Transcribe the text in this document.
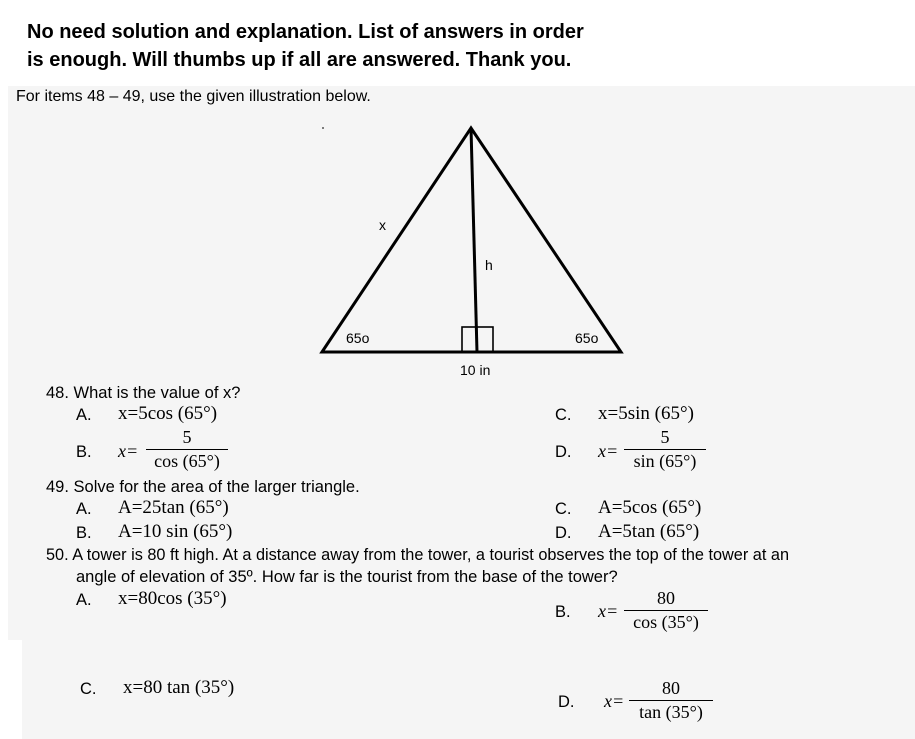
No need solution and explanation. List of answers in order
is enough. Will thumbs up if all are answered. Thank you.
For items 48 – 49, use the given illustration below.
x
h
65o	65o
10 in
48. What is the value of x?
A. x=5cos (65°)
B. $x= \frac{5}{\cos (65^\circ)}$
C. x=5sin (65°)
D. $x= \frac{5}{\sin (65^\circ)}$
49. Solve for the area of the larger triangle.
A. A=25tan (65°)
B. A=10 sin (65°)
C. A=5cos (65°)
D. A=5tan (65°)
50. A tower is 80 ft high. At a distance away from the tower, a tourist observes the top of the tower at an
angle of elevation of 35º. How far is the tourist from the base of the tower?
A. x=80cos (35°)
B. $x= \frac{80}{\cos (35^\circ)}$
C. x=80 tan (35°)
D. $x= \frac{80}{\tan (35^\circ)}$
